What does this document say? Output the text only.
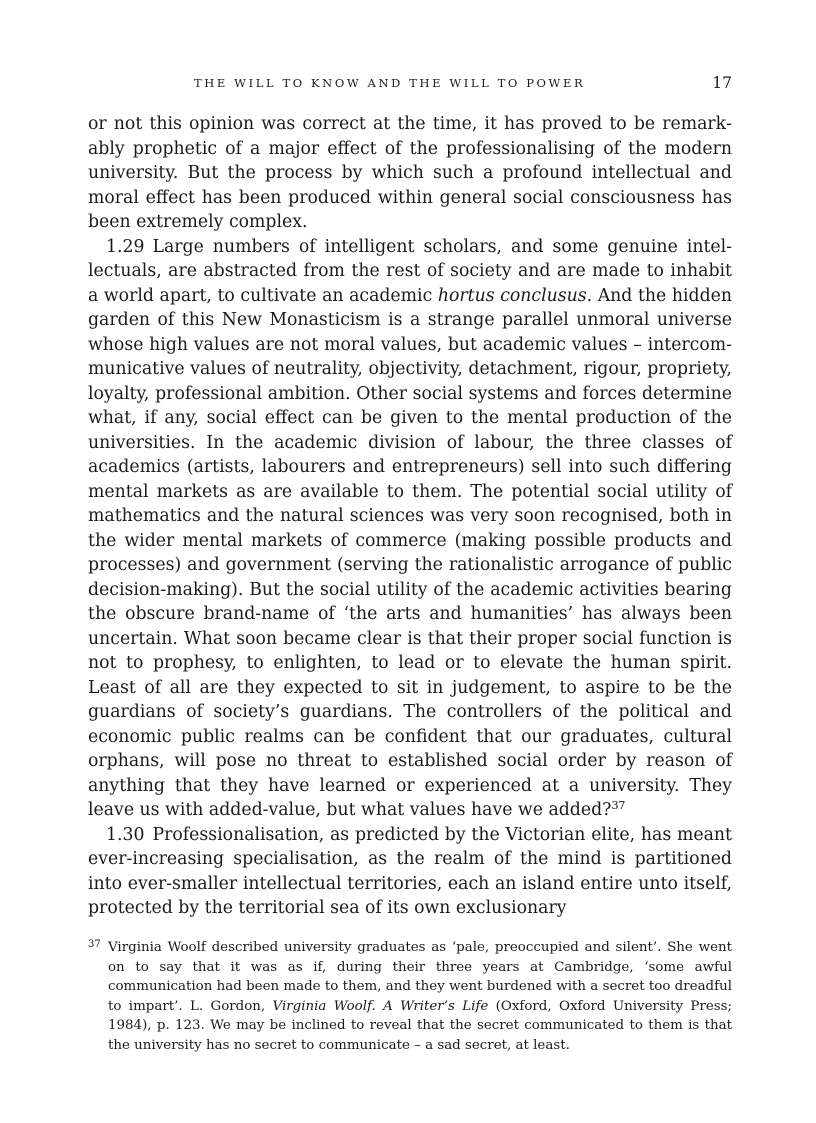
THE WILL TO KNOW AND THE WILL TO POWER	17

or not this opinion was correct at the time, it has proved to be remarkably prophetic of a major effect of the professionalising of the modern university. But the process by which such a profound intellectual and moral effect has been produced within general social consciousness has been extremely complex.

1.29 Large numbers of intelligent scholars, and some genuine intellectuals, are abstracted from the rest of society and are made to inhabit a world apart, to cultivate an academic hortus conclusus. And the hidden garden of this New Monasticism is a strange parallel unmoral universe whose high values are not moral values, but academic values – intercommunicative values of neutrality, objectivity, detachment, rigour, propriety, loyalty, professional ambition. Other social systems and forces determine what, if any, social effect can be given to the mental production of the universities. In the academic division of labour, the three classes of academics (artists, labourers and entrepreneurs) sell into such differing mental markets as are available to them. The potential social utility of mathematics and the natural sciences was very soon recognised, both in the wider mental markets of commerce (making possible products and processes) and government (serving the rationalistic arrogance of public decision-making). But the social utility of the academic activities bearing the obscure brand-name of ‘the arts and humanities’ has always been uncertain. What soon became clear is that their proper social function is not to prophesy, to enlighten, to lead or to elevate the human spirit. Least of all are they expected to sit in judgement, to aspire to be the guardians of society’s guardians. The controllers of the political and economic public realms can be confident that our graduates, cultural orphans, will pose no threat to established social order by reason of anything that they have learned or experienced at a university. They leave us with added-value, but what values have we added?$^{37}$

1.30 Professionalisation, as predicted by the Victorian elite, has meant ever-increasing specialisation, as the realm of the mind is partitioned into ever-smaller intellectual territories, each an island entire unto itself, protected by the territorial sea of its own exclusionary

37 Virginia Woolf described university graduates as ‘pale, preoccupied and silent’. She went on to say that it was as if, during their three years at Cambridge, ‘some awful communication had been made to them, and they went burdened with a secret too dreadful to impart’. L. Gordon, Virginia Woolf. A Writer’s Life (Oxford, Oxford University Press; 1984), p. 123. We may be inclined to reveal that the secret communicated to them is that the university has no secret to communicate – a sad secret, at least.
